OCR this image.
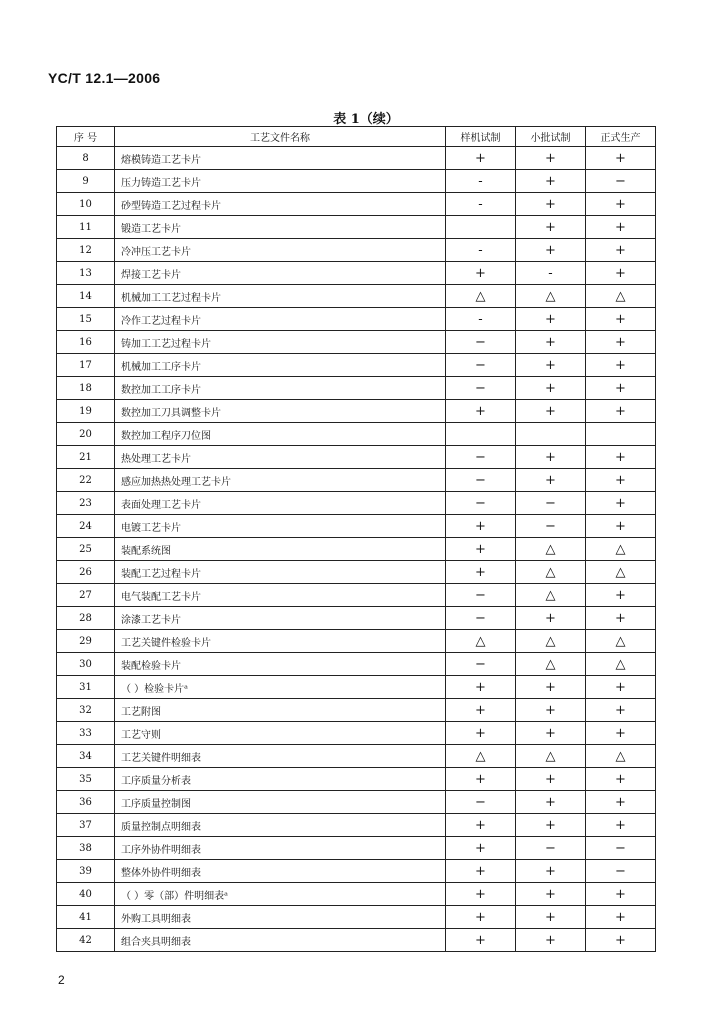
YC/T 12.1—2006
表 1（续）
序 号	工艺文件名称	样机试制	小批试制	正式生产
8	熔模铸造工艺卡片	+	+	+
9	压力铸造工艺卡片	-	+	−
10	砂型铸造工艺过程卡片	-	+	+
11	锻造工艺卡片		+	+
12	冷冲压工艺卡片	-	+	+
13	焊接工艺卡片	+	-	+
14	机械加工工艺过程卡片	△	△	△
15	冷作工艺过程卡片	-	+	+
16	铸加工工艺过程卡片	−	+	+
17	机械加工工序卡片	−	+	+
18	数控加工工序卡片	−	+	+
19	数控加工刀具调整卡片	+	+	+
20	数控加工程序刀位图			
21	热处理工艺卡片	−	+	+
22	感应加热热处理工艺卡片	−	+	+
23	表面处理工艺卡片	−	−	+
24	电镀工艺卡片	+	−	+
25	装配系统图	+	△	△
26	装配工艺过程卡片	+	△	△
27	电气装配工艺卡片	−	△	+
28	涂漆工艺卡片	−	+	+
29	工艺关键件检验卡片	△	△	△
30	装配检验卡片	−	△	△
31	（ ）检验卡片ᵃ	+	+	+
32	工艺附图	+	+	+
33	工艺守则	+	+	+
34	工艺关键件明细表	△	△	△
35	工序质量分析表	+	+	+
36	工序质量控制图	−	+	+
37	质量控制点明细表	+	+	+
38	工序外协件明细表	+	−	−
39	整体外协件明细表	+	+	−
40	（ ）零（部）件明细表ᵃ	+	+	+
41	外购工具明细表	+	+	+
42	组合夹具明细表	+	+	+
2
